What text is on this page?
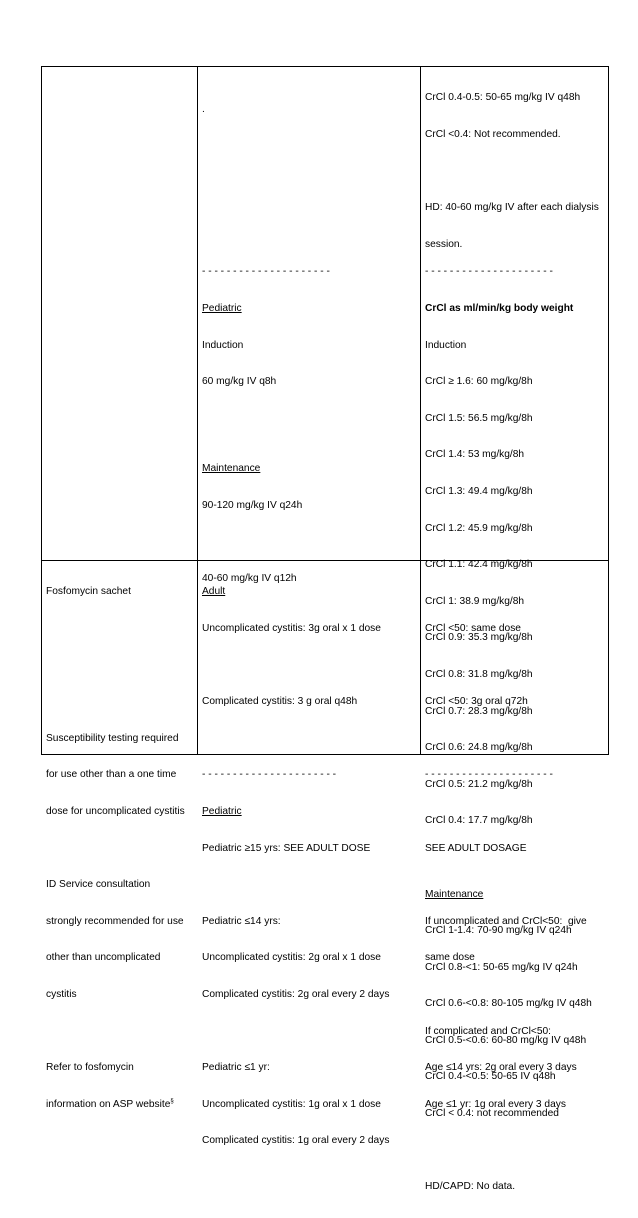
.

- - - - - - - - - - - - - - - - - - - - -

Pediatric

Induction

60 mg/kg IV q8h

Maintenance

90-120 mg/kg IV q24h

40-60 mg/kg IV q12h

CrCl 0.4-0.5: 50-65 mg/kg IV q48h

CrCl <0.4: Not recommended.

HD: 40-60 mg/kg IV after each dialysis

session.

- - - - - - - - - - - - - - - - - - - - -

CrCl as ml/min/kg body weight

Induction

CrCl ≥ 1.6: 60 mg/kg/8h

CrCl 1.5: 56.5 mg/kg/8h

CrCl 1.4: 53 mg/kg/8h

CrCl 1.3: 49.4 mg/kg/8h

CrCl 1.2: 45.9 mg/kg/8h

CrCl 1.1: 42.4 mg/kg/8h

CrCl 1: 38.9 mg/kg/8h

CrCl 0.9: 35.3 mg/kg/8h

CrCl 0.8: 31.8 mg/kg/8h

CrCl 0.7: 28.3 mg/kg/8h

CrCl 0.6: 24.8 mg/kg/8h

CrCl 0.5: 21.2 mg/kg/8h

CrCl 0.4: 17.7 mg/kg/8h

Maintenance

CrCl 1-1.4: 70-90 mg/kg IV q24h

CrCl 0.8-<1: 50-65 mg/kg IV q24h

CrCl 0.6-<0.8: 80-105 mg/kg IV q48h

CrCl 0.5-<0.6: 60-80 mg/kg IV q48h

CrCl 0.4-<0.5: 50-65 IV q48h

CrCl < 0.4: not recommended

HD/CAPD: No data.

Fosfomycin sachet

Susceptibility testing required

for use other than a one time

dose for uncomplicated cystitis

ID Service consultation

strongly recommended for use

other than uncomplicated

cystitis

Refer to fosfomycin

information on ASP website§

Adult

Uncomplicated cystitis: 3g oral x 1 dose

Complicated cystitis: 3 g oral q48h

- - - - - - - - - - - - - - - - - - - - - -

Pediatric

Pediatric ≥15 yrs: SEE ADULT DOSE

Pediatric ≤14 yrs:

Uncomplicated cystitis: 2g oral x 1 dose

Complicated cystitis: 2g oral every 2 days

Pediatric ≤1 yr:

Uncomplicated cystitis: 1g oral x 1 dose

Complicated cystitis: 1g oral every 2 days

CrCl <50: same dose

CrCl <50: 3g oral q72h

- - - - - - - - - - - - - - - - - - - - -

SEE ADULT DOSAGE

If uncomplicated and CrCl<50:  give

same dose

If complicated and CrCl<50:

Age ≤14 yrs: 2g oral every 3 days

Age ≤1 yr: 1g oral every 3 days
